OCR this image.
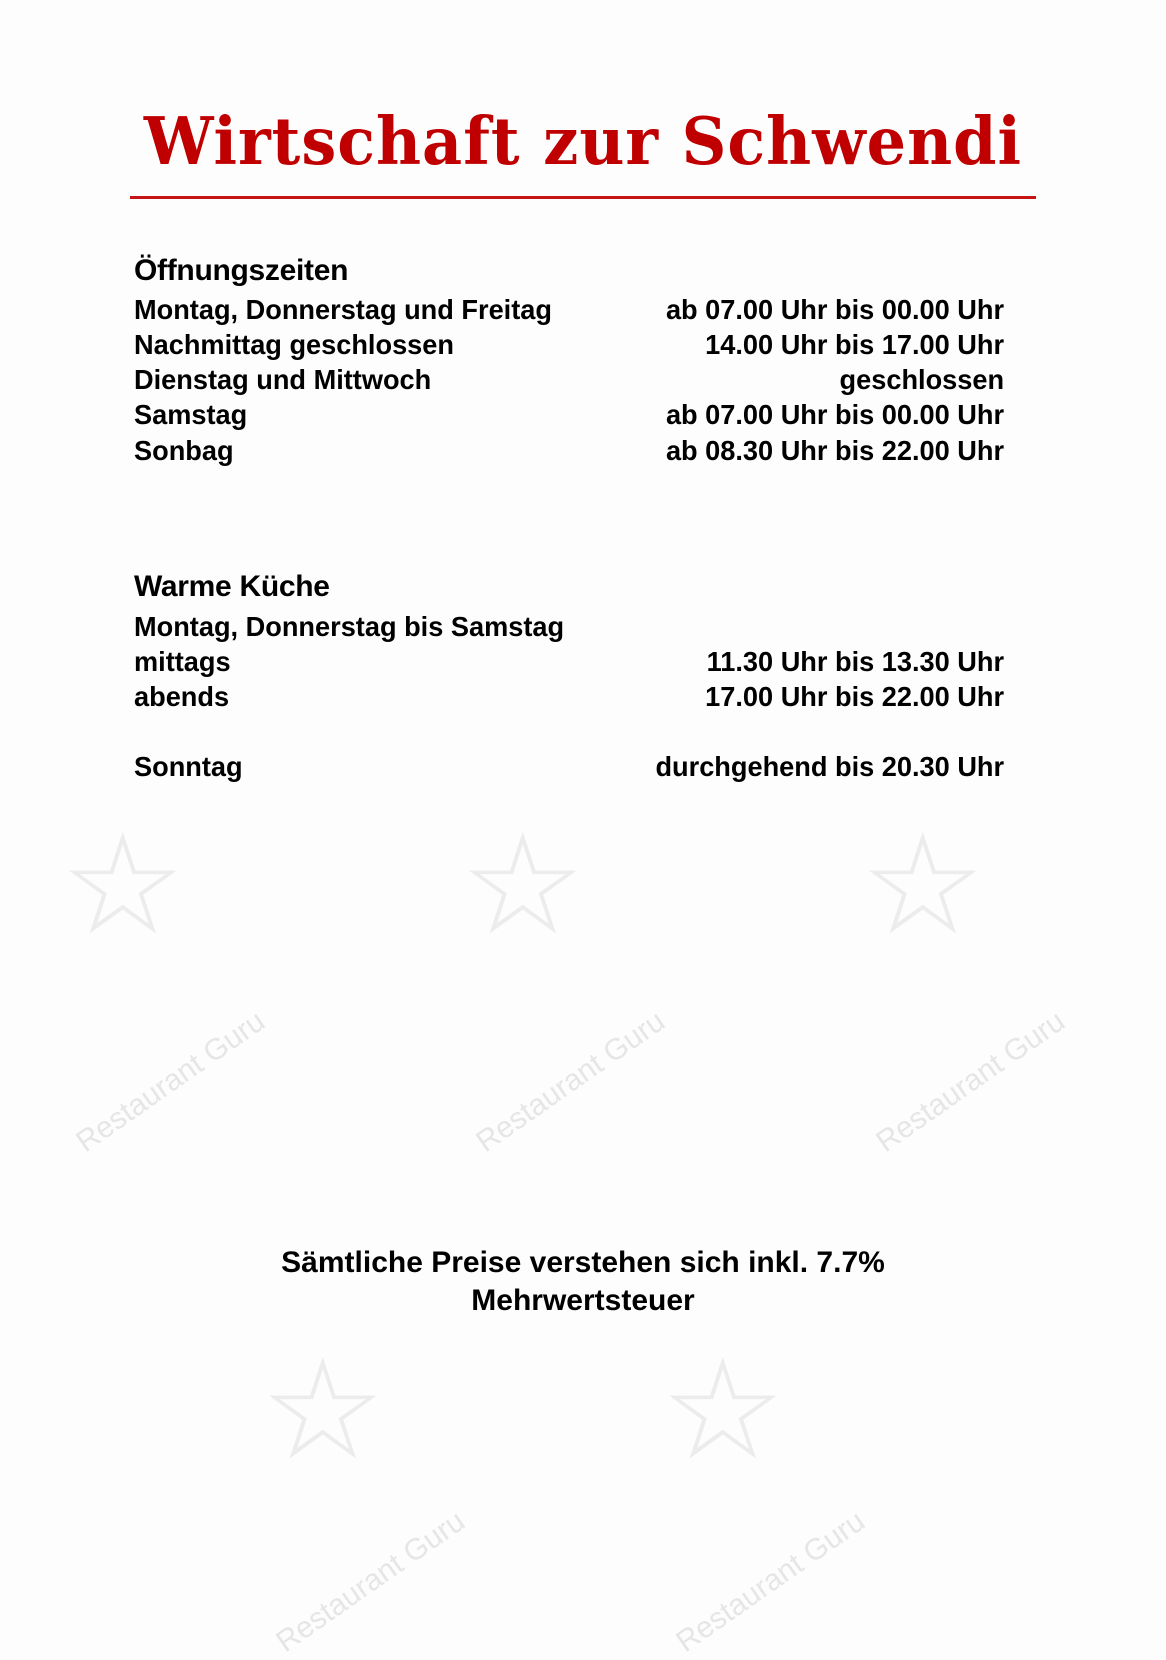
☆ ☆ ☆
☆ ☆
Restaurant Guru	Restaurant Guru	Restaurant Guru
Restaurant Guru	Restaurant Guru
Wirtschaft zur Schwendi
Öffnungszeiten
Montag, Donnerstag und Freitag	ab 07.00 Uhr bis 00.00 Uhr
Nachmittag geschlossen	14.00 Uhr bis 17.00 Uhr
Dienstag und Mittwoch	geschlossen
Samstag	ab 07.00 Uhr bis 00.00 Uhr
Sonbag	ab 08.30 Uhr bis 22.00 Uhr
Warme Küche
Montag, Donnerstag bis Samstag
mittags	11.30 Uhr bis 13.30 Uhr
abends	17.00 Uhr bis 22.00 Uhr
Sonntag	durchgehend bis 20.30 Uhr
Sämtliche Preise verstehen sich inkl. 7.7%
Mehrwertsteuer
